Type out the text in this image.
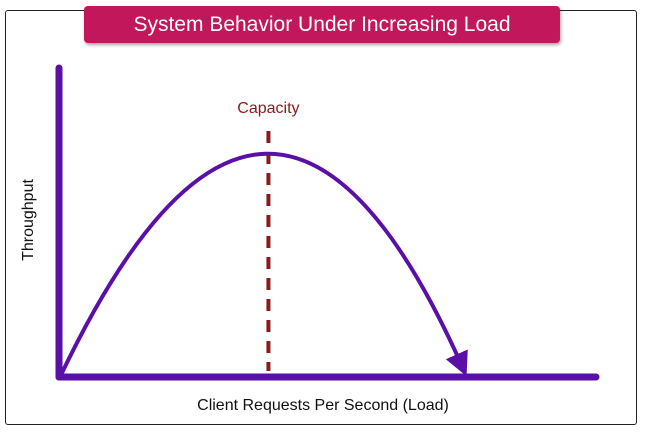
System Behavior Under Increasing Load
Capacity
Client Requests Per Second (Load)
Throughput
